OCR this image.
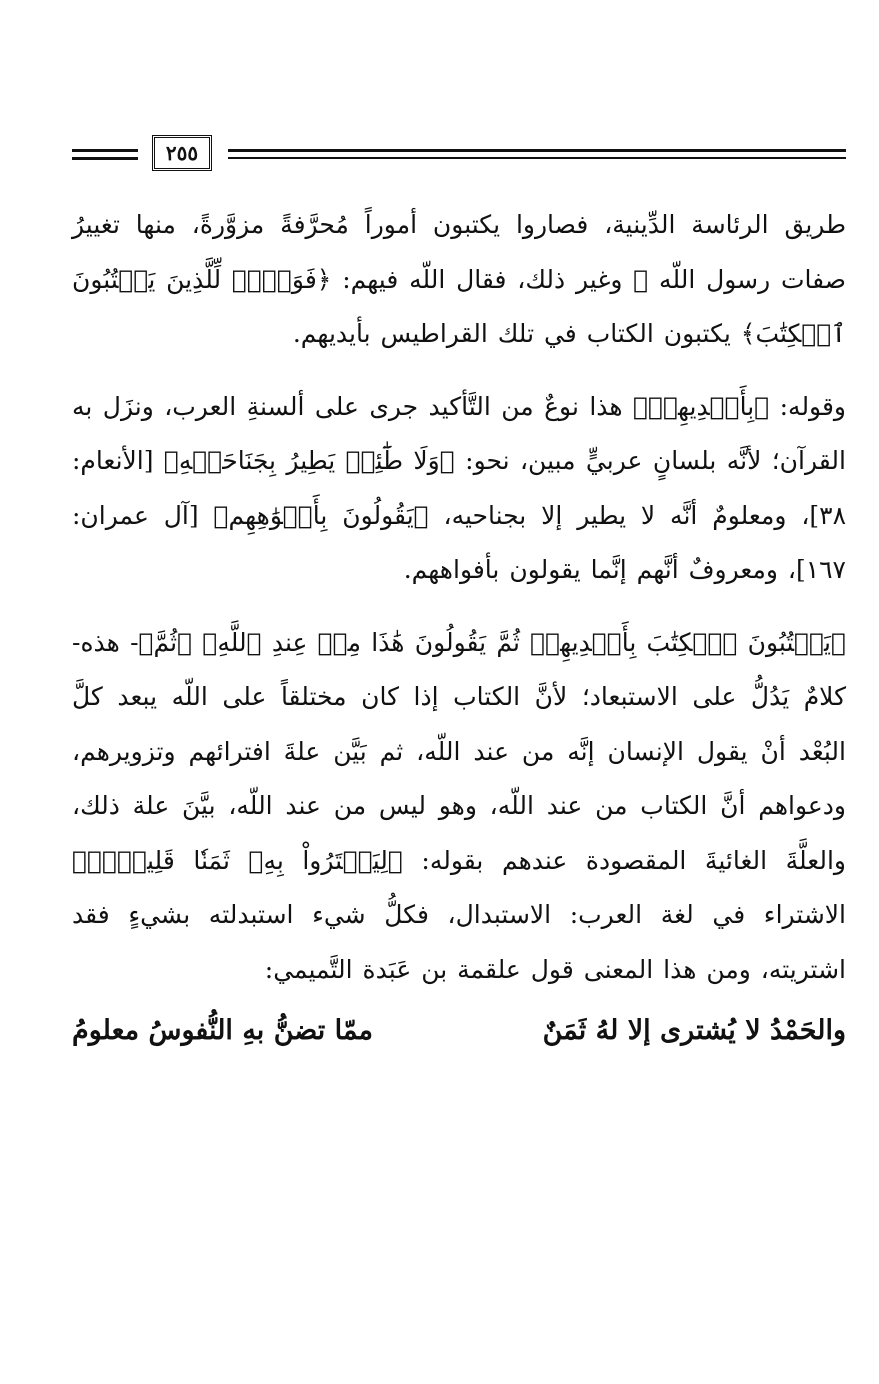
٢٥٥

طريق الرئاسة الدِّينية، فصاروا يكتبون أموراً مُحرَّفةً مزوَّرةً، منها تغييرُ صفات رسول اللّه ﷺ وغير ذلك، فقال اللّه فيهم: ﴿فَوَيۡلٞ لِّلَّذِينَ يَكۡتُبُونَ ٱلۡكِتَٰبَ﴾ يكتبون الكتاب في تلك القراطيس بأيديهم.

وقوله: ﴿بِأَيۡدِيهِمۡ﴾ هذا نوعٌ من التَّأكيد جرى على ألسنةِ العرب، ونزَل به القرآن؛ لأنَّه بلسانٍ عربيٍّ مبين، نحو: ﴿وَلَا طَٰٓئِرٖ يَطِيرُ بِجَنَاحَيۡهِ﴾ [الأنعام: ٣٨]، ومعلومٌ أنَّه لا يطير إلا بجناحيه، ﴿يَقُولُونَ بِأَفۡوَٰهِهِم﴾ [آل عمران: ١٦٧]، ومعروفٌ أنَّهم إنَّما يقولون بأفواههم.

﴿يَكۡتُبُونَ ٱلۡكِتَٰبَ بِأَيۡدِيهِمۡ ثُمَّ يَقُولُونَ هَٰذَا مِنۡ عِندِ ٱللَّهِ﴾ ﴿ثُمَّ﴾- هذه- كلامٌ يَدُلُّ على الاستبعاد؛ لأنَّ الكتاب إذا كان مختلقاً على اللّه يبعد كلَّ البُعْد أنْ يقول الإنسان إنَّه من عند اللّه، ثم بَيَّن علةَ افترائهم وتزويرهم، ودعواهم أنَّ الكتاب من عند اللّه، وهو ليس من عند اللّه، بيَّنَ علة ذلك، والعلَّةَ الغائيةَ المقصودة عندهم بقوله: ﴿لِيَشۡتَرُواْ بِهِۦ ثَمَنٗا قَلِيلٗاۖ﴾ الاشتراء في لغة العرب: الاستبدال، فكلُّ شيء استبدلته بشيءٍ فقد اشتريته، ومن هذا المعنى قول علقمة بن عَبَدة التَّميمي:

والحَمْدُ لا يُشترى إلا لهُ ثَمَنٌ
ممّا تضنُّ بهِ النُّفوسُ معلومُ
